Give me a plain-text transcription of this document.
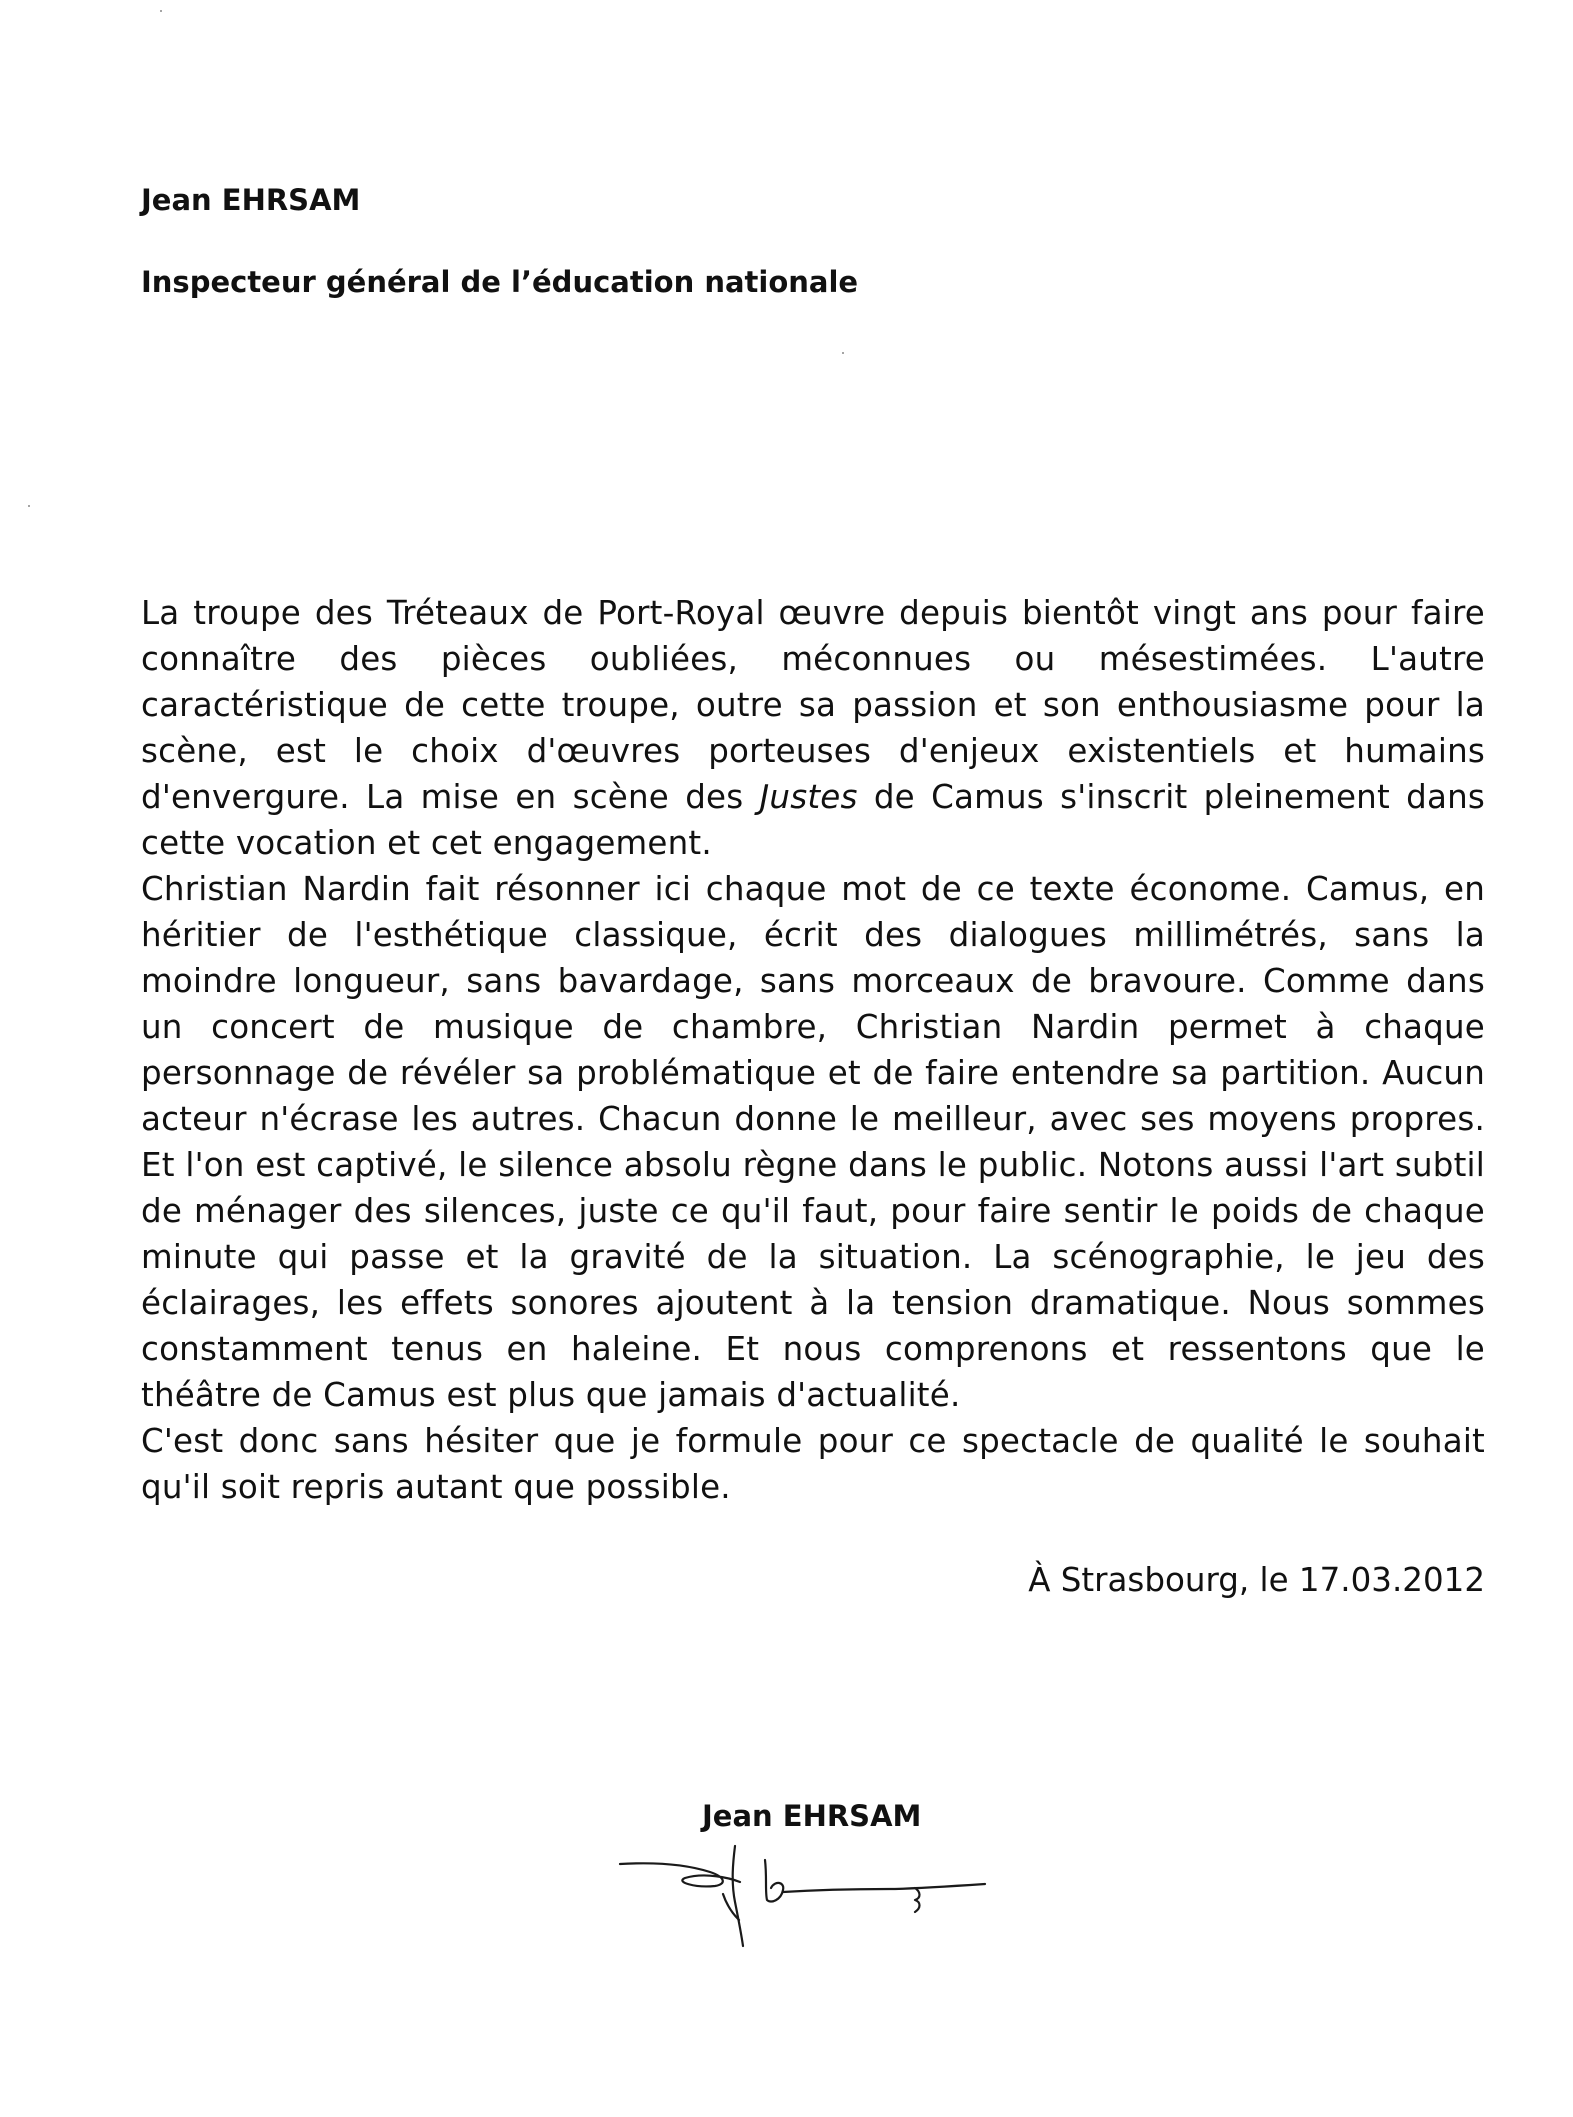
Jean EHRSAM

Inspecteur général de l’éducation nationale

La troupe des Tréteaux de Port-Royal œuvre depuis bientôt vingt ans pour faire connaître des pièces oubliées, méconnues ou mésestimées. L'autre caractéristique de cette troupe, outre sa passion et son enthousiasme pour la scène, est le choix d'œuvres porteuses d'enjeux existentiels et humains d'envergure. La mise en scène des Justes de Camus s'inscrit pleinement dans cette vocation et cet engagement.

Christian Nardin fait résonner ici chaque mot de ce texte économe. Camus, en héritier de l'esthétique classique, écrit des dialogues millimétrés, sans la moindre longueur, sans bavardage, sans morceaux de bravoure. Comme dans un concert de musique de chambre, Christian Nardin permet à chaque personnage de révéler sa problématique et de faire entendre sa partition. Aucun acteur n'écrase les autres. Chacun donne le meilleur, avec ses moyens propres. Et l'on est captivé, le silence absolu règne dans le public. Notons aussi l'art subtil de ménager des silences, juste ce qu'il faut, pour faire sentir le poids de chaque minute qui passe et la gravité de la situation. La scénographie, le jeu des éclairages, les effets sonores ajoutent à la tension dramatique. Nous sommes constamment tenus en haleine. Et nous comprenons et ressentons que le théâtre de Camus est plus que jamais d'actualité.

C'est donc sans hésiter que je formule pour ce spectacle de qualité le souhait qu'il soit repris autant que possible.

À Strasbourg, le 17.03.2012
Jean EHRSAM
